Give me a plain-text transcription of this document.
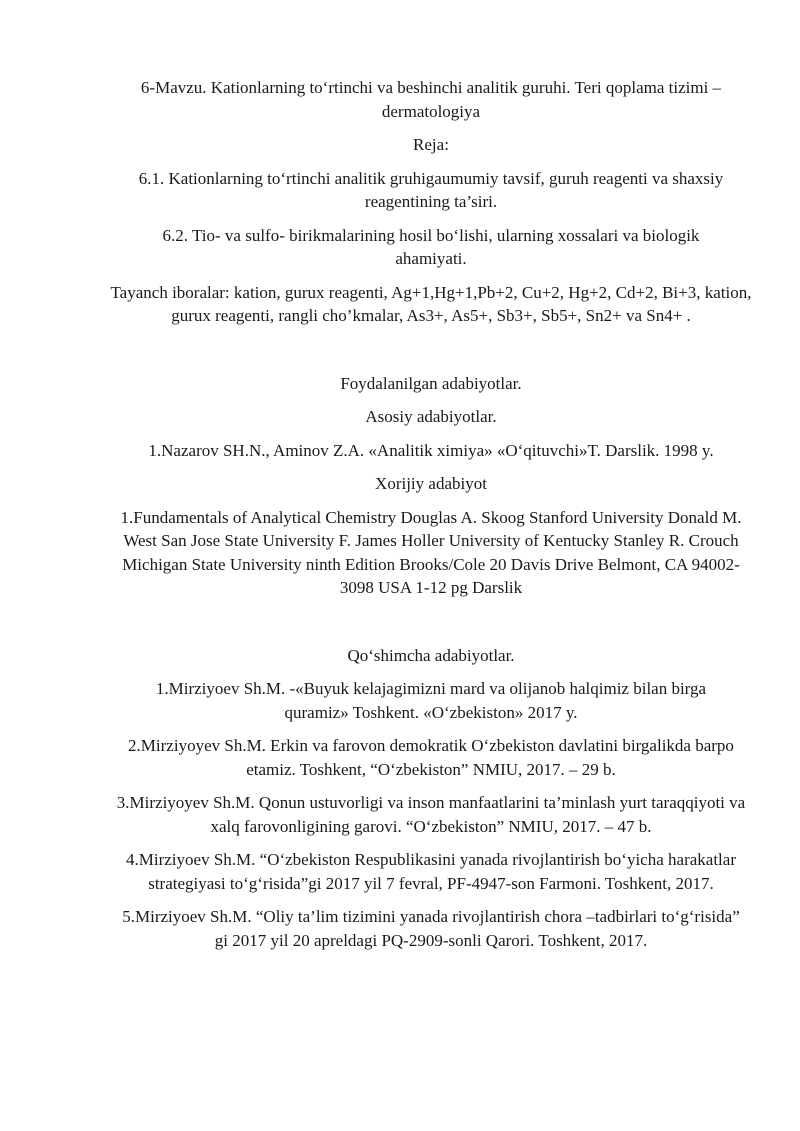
6-Mavzu. Kationlarning to‘rtinchi va beshinchi analitik guruhi. Teri qoplama tizimi – dermatologiya

Reja:

6.1. Kationlarning to‘rtinchi analitik gruhigaumumiy tavsif, guruh reagenti va shaxsiy reagentining ta’siri.

6.2. Tio- va sulfo- birikmalarining hosil bo‘lishi, ularning xossalari va biologik ahamiyati.

Tayanch iboralar: kation, gurux reagenti, Ag+1,Hg+1,Pb+2, Cu+2, Hg+2, Cd+2, Bi+3, kation, gurux reagenti, rangli cho’kmalar, As3+, As5+, Sb3+, Sb5+, Sn2+ va Sn4+ .

Foydalanilgan adabiyotlar.

Asosiy adabiyotlar.

1.Nazarov SH.N., Aminov Z.A. «Analitik ximiya» «O‘qituvchi»T. Darslik. 1998 y.

Xorijiy adabiyot

1.Fundamentals of Analytical Chemistry Douglas A. Skoog Stanford University Donald M. West San Jose State University F. James Holler University of Kentucky Stanley R. Crouch Michigan State University ninth Edition Brooks/Cole 20 Davis Drive Belmont, CA 94002-3098 USA 1-12 pg Darslik

Qo‘shimcha adabiyotlar.

1.Mirziyoev Sh.M. -«Buyuk kelajagimizni mard va olijanob halqimiz bilan birga quramiz» Toshkent. «O‘zbekiston» 2017 y.

2.Mirziyoyev Sh.M. Erkin va farovon demokratik O‘zbekiston davlatini birgalikda barpo etamiz. Toshkent, “O‘zbekiston” NMIU, 2017. – 29 b.

3.Mirziyoyev Sh.M. Qonun ustuvorligi va inson manfaatlarini ta’minlash yurt taraqqiyoti va xalq farovonligining garovi. “O‘zbekiston” NMIU, 2017. – 47 b.

4.Mirziyoev Sh.M. “O‘zbekiston Respublikasini yanada rivojlantirish bo‘yicha harakatlar strategiyasi to‘g‘risida”gi 2017 yil 7 fevral, PF-4947-son Farmoni. Toshkent, 2017.

5.Mirziyoev Sh.M. “Oliy ta’lim tizimini yanada rivojlantirish chora –tadbirlari to‘g‘risida” gi 2017 yil 20 apreldagi PQ-2909-sonli Qarori. Toshkent, 2017.
